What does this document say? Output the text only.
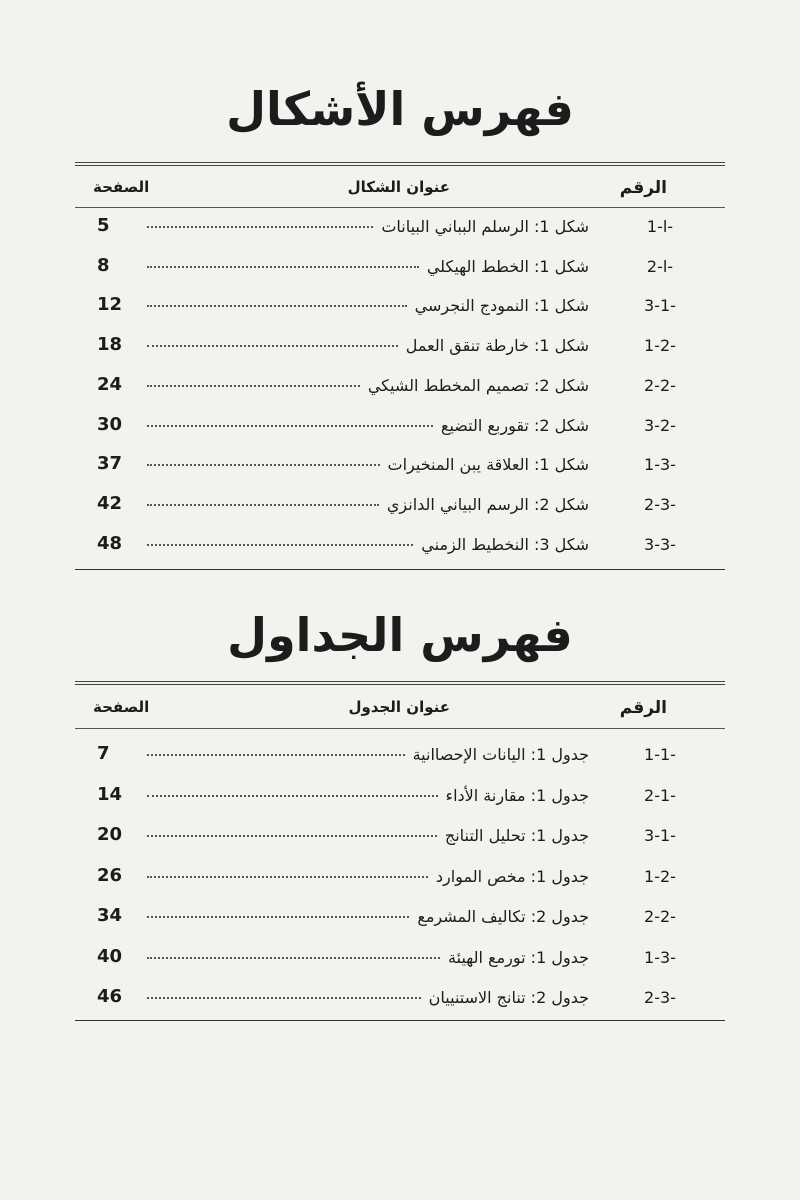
فهرس الأشكال
الرقم
عنوان الشكال
الصفحة
1-l-
شكل 1: الرسلم البباني البيانات
5
2-l-
شكل 1: الخطط الهيكلي
8
3-1-
شكل 1: النمودج النجرسي
12
1-2-
شكل 1: خارطة تنقق العمل
18
2-2-
شكل 2: تصميم المخطط الشيكي
24
3-2-
شكل 2: تقوربع التضيع
30
1-3-
شكل 1: العلاقة يبن المنخيرات
37
2-3-
شكل 2: الرسم البياني الدانزي
42
3-3-
شكل 3: النخطيط الزمني
48
فهرس الجداول
الرقم
عنوان الجدول
الصفحة
1-1-
جدول 1: اليانات الإحصاانية
7
2-1-
جدول 1: مقارنة الأداء
14
3-1-
جدول 1: تحليل التنانج
20
1-2-
جدول 1: مخص الموارد
26
2-2-
جدول 2: تكاليف المشرمع
34
1-3-
جدول 1: تورمع الهيئة
40
2-3-
جدول 2: تنانج الاستنييان
46
